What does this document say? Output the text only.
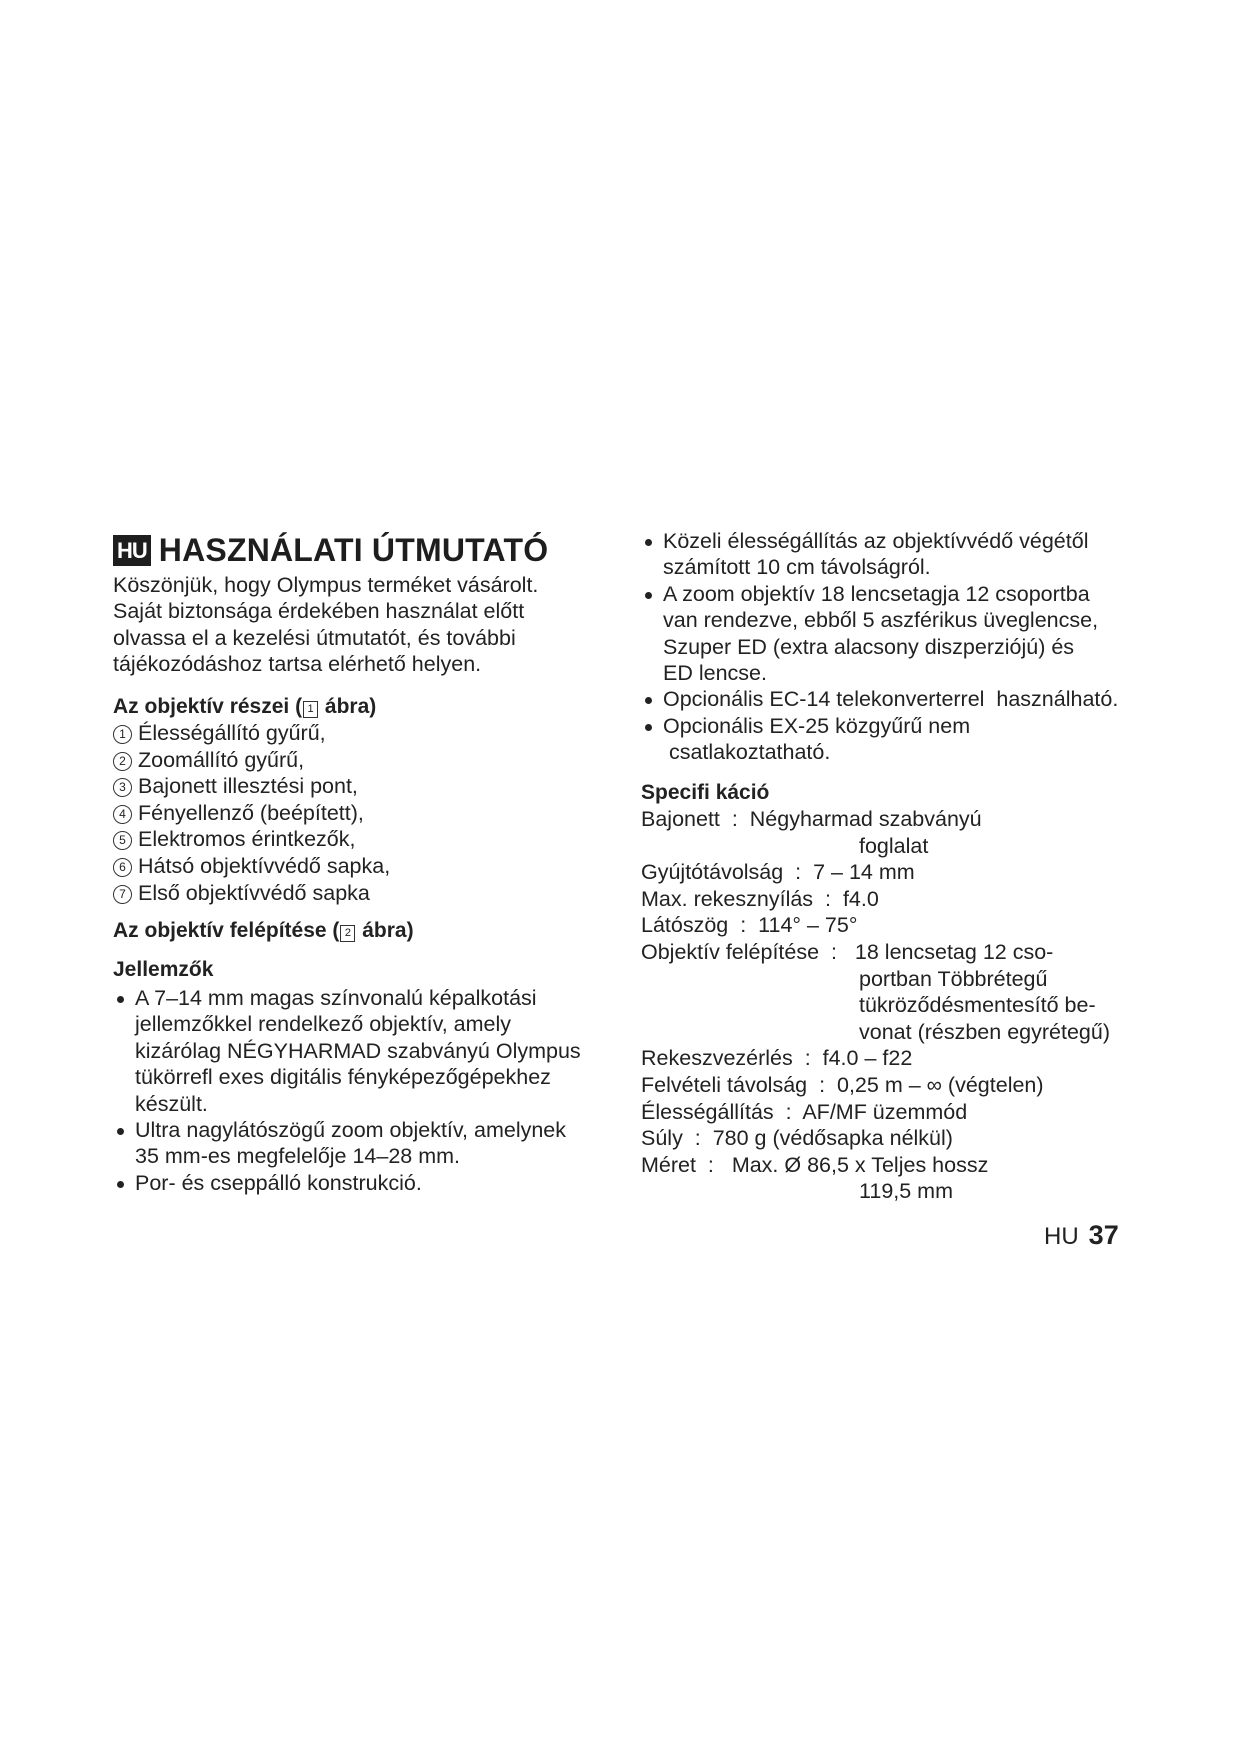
HU HASZNÁLATI ÚTMUTATÓ

Köszönjük, hogy Olympus terméket vásárolt.

Saját biztonsága érdekében használat előtt

olvassa el a kezelési útmutatót, és további

tájékozódáshoz tartsa elérhető helyen.

Az objektív részei ( 1 ábra)

1 Élességállító gyűrű,

2 Zoomállító gyűrű,

3 Bajonett illesztési pont,

4 Fényellenző (beépített),

5 Elektromos érintkezők,

6 Hátsó objektívvédő sapka,

7 Első objektívvédő sapka

Az objektív felépítése ( 2 ábra)

Jellemzők

A 7–14 mm magas színvonalú képalkotási
jellemzőkkel rendelkező objektív, amely
kizárólag NÉGYHARMAD szabványú Olympus
tükörrefl exes digitális fényképezőgépekhez
készült.
Ultra nagylátószögű zoom objektív, amelynek
35 mm-es megfelelője 14–28 mm.
Por- és cseppálló konstrukció.
Közeli élességállítás az objektívvédő végétől
számított 10 cm távolságról.
A zoom objektív 18 lencsetagja 12 csoportba
van rendezve, ebből 5 aszférikus üveglencse,
Szuper ED (extra alacsony diszperziójú) és
ED lencse.
Opcionális EC-14 telekonverterrel  használható.
Opcionális EX-25 közgyűrű nem
csatlakoztatható.

Specifi káció

Bajonett  :  Négyharmad szabványú
foglalat
Gyújtótávolság  :  7 – 14 mm
Max. rekesznyílás  :  f4.0
Látószög  :  114° – 75°
Objektív felépítése  :   18 lencsetag 12 cso-
portban Többrétegű
tükröződésmentesítő be-
vonat (részben egyrétegű)
Rekeszvezérlés  :  f4.0 – f22
Felvételi távolság  :  0,25 m – ∞ (végtelen)
Élességállítás  :  AF/MF üzemmód
Súly  :  780 g (védősapka nélkül)
Méret  :   Max. Ø 86,5 x Teljes hossz
119,5 mm
HU 37
